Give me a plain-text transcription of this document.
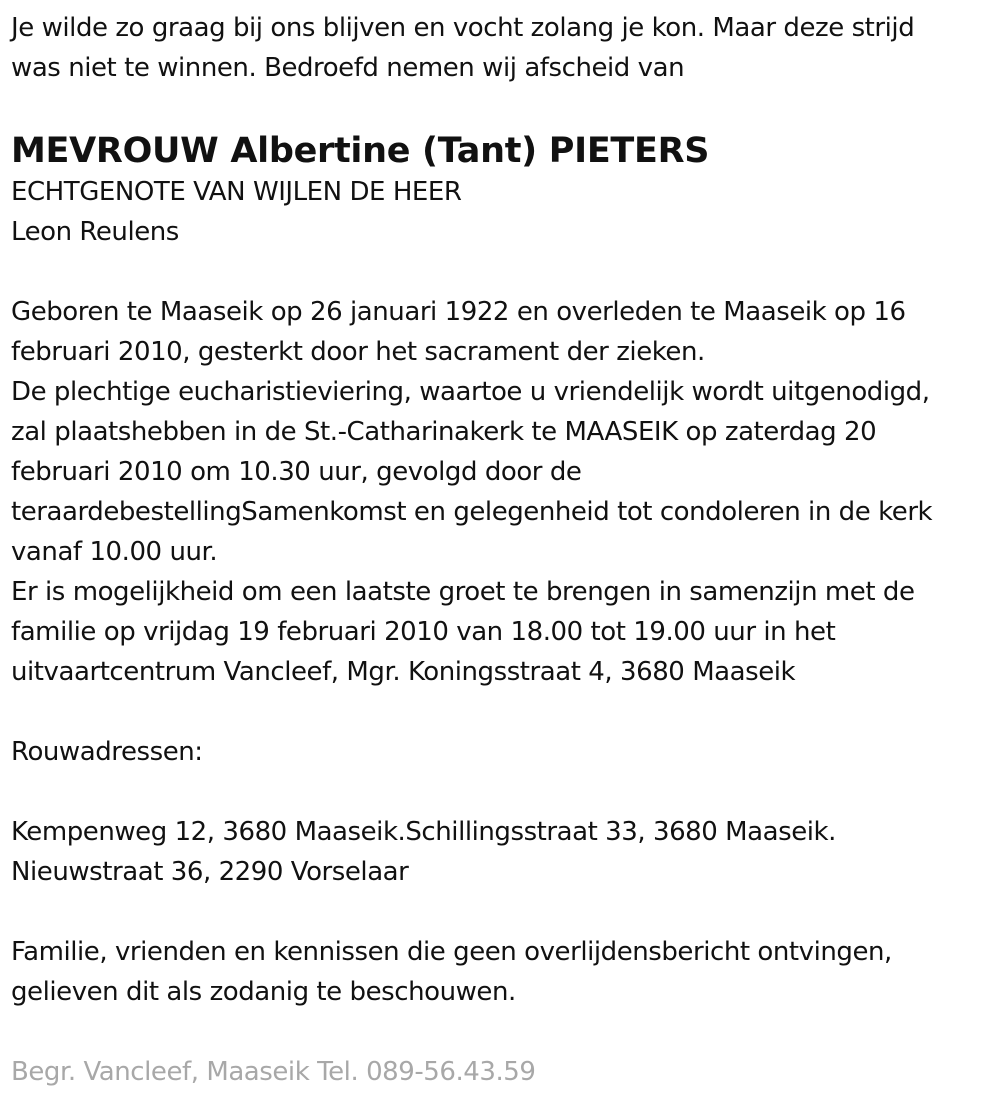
Je wilde zo graag bij ons blijven en vocht zolang je kon. Maar deze strijd

was niet te winnen. Bedroefd nemen wij afscheid van

MEVROUW Albertine (Tant) PIETERS

ECHTGENOTE VAN WIJLEN DE HEER

Leon Reulens

Geboren te Maaseik op 26 januari 1922 en overleden te Maaseik op 16

februari 2010, gesterkt door het sacrament der zieken.

De plechtige eucharistieviering, waartoe u vriendelijk wordt uitgenodigd,

zal plaatshebben in de St.-Catharinakerk te MAASEIK op zaterdag 20

februari 2010 om 10.30 uur, gevolgd door de

teraardebestellingSamenkomst en gelegenheid tot condoleren in de kerk

vanaf 10.00 uur.

Er is mogelijkheid om een laatste groet te brengen in samenzijn met de

familie op vrijdag 19 februari 2010 van 18.00 tot 19.00 uur in het

uitvaartcentrum Vancleef, Mgr. Koningsstraat 4, 3680 Maaseik

Rouwadressen:

Kempenweg 12, 3680 Maaseik.Schillingsstraat 33, 3680 Maaseik.

Nieuwstraat 36, 2290 Vorselaar

Familie, vrienden en kennissen die geen overlijdensbericht ontvingen,

gelieven dit als zodanig te beschouwen.

Begr. Vancleef, Maaseik Tel. 089-56.43.59
